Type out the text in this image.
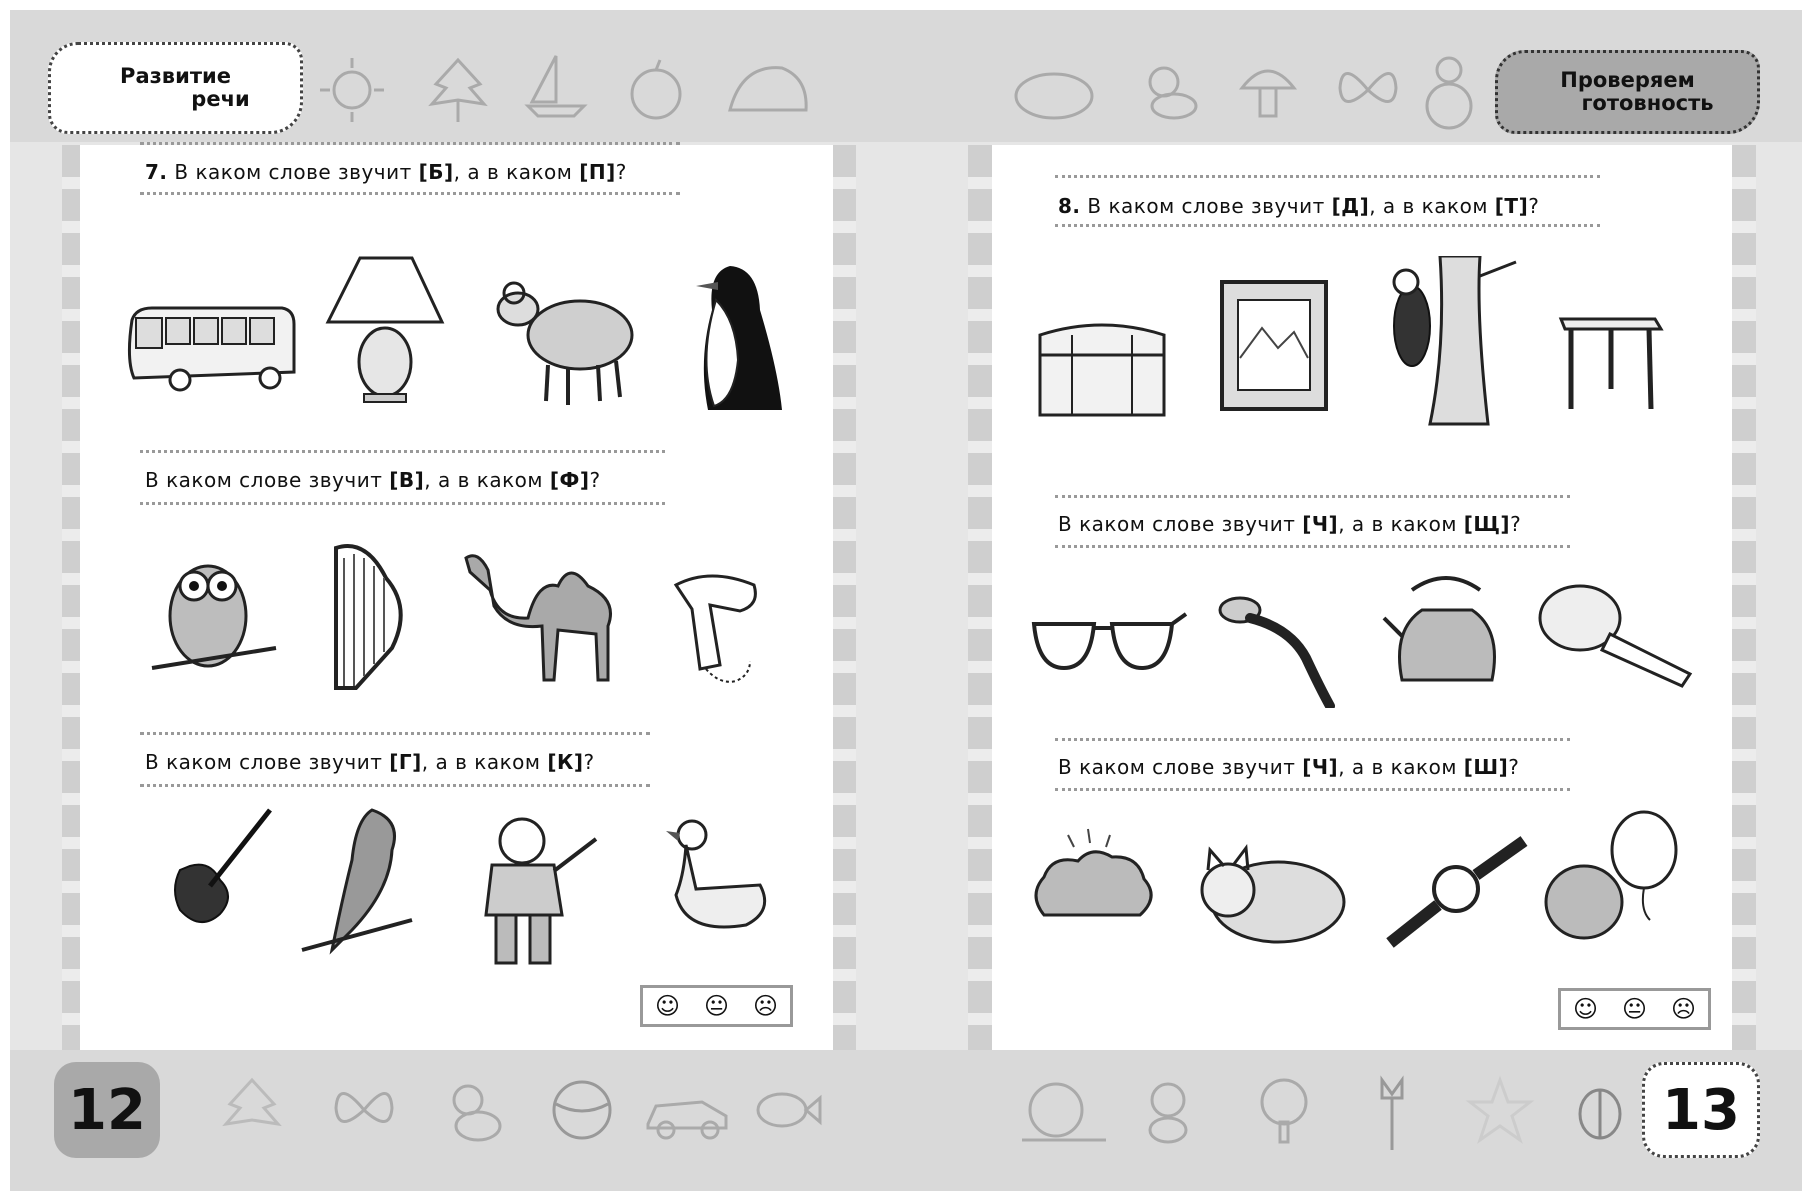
Развитие
речи
Проверяем
готовность
12	13
7. В каком слове звучит [Б], а в каком [П]?
В каком слове звучит [В], а в каком [Ф]?
В каком слове звучит [Г], а в каком [К]?
☺ 😐 ☹
8. В каком слове звучит [Д], а в каком [Т]?
В каком слове звучит [Ч], а в каком [Щ]?
В каком слове звучит [Ч], а в каком [Ш]?
☺ 😐 ☹
